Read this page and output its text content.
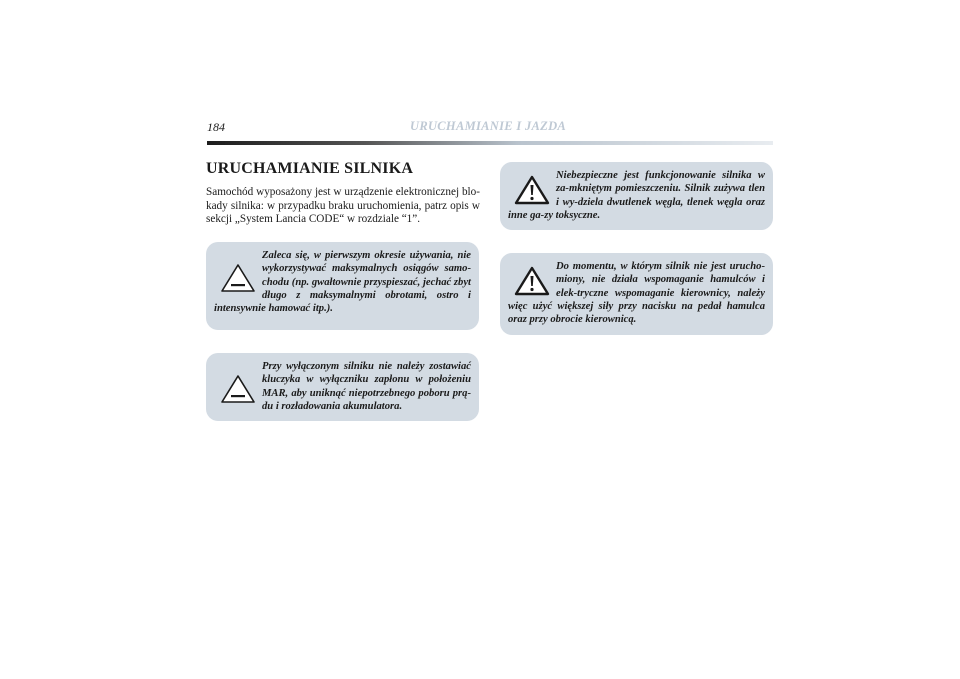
184	URUCHAMIANIE I JAZDA
URUCHAMIANIE SILNIKA

Samochód wyposażony jest w urządzenie elektronicznej blo-kady silnika: w przypadku braku uruchomienia, patrz opis w sekcji „System Lancia CODE“ w rozdziale “1”.

Zaleca się, w pierwszym okresie używania, nie wykorzystywać maksymalnych osiągów samo-chodu (np. gwałtownie przyspieszać, jechać zbyt długo z maksymalnymi obrotami, ostro i intensywnie hamować itp.).

Przy wyłączonym silniku nie należy zostawiać kluczyka w wyłączniku zapłonu w położeniu MAR, aby uniknąć niepotrzebnego poboru prą-du i rozładowania akumulatora.

Niebezpieczne jest funkcjonowanie silnika w za-mkniętym pomieszczeniu. Silnik zużywa tlen i wy-dziela dwutlenek węgla, tlenek węgla oraz inne ga-zy toksyczne.

Do momentu, w którym silnik nie jest urucho-miony, nie działa wspomaganie hamulców i elek-tryczne wspomaganie kierownicy, należy więc użyć większej siły przy nacisku na pedał hamulca oraz przy obrocie kierownicą.
